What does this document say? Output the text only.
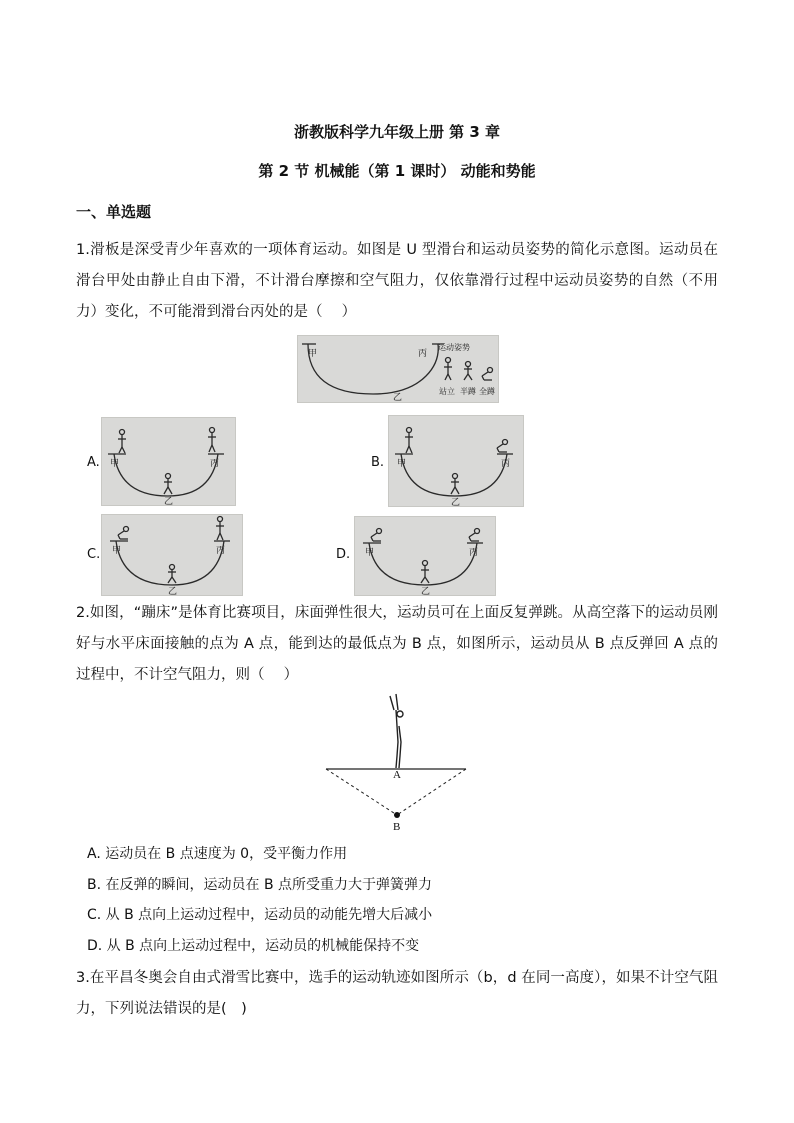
浙教版科学九年级上册 第 3 章
第 2 节 机械能（第 1 课时） 动能和势能
一、单选题
1.滑板是深受青少年喜欢的一项体育运动。如图是 U 型滑台和运动员姿势的简化示意图。运动员在滑台甲处由静止自由下滑，不计滑台摩擦和空气阻力，仅依靠滑行过程中运动员姿势的自然（不用力）变化，不可能滑到滑台丙处的是（　 ）
甲
乙
丙
运动姿势
站立 半蹲 全蹲
A. 甲	丙
乙
B. 甲	丙
乙
C. 甲	丙
乙
D. 甲	丙
乙
2.如图，“蹦床”是体育比赛项目，床面弹性很大，运动员可在上面反复弹跳。从高空落下的运动员刚好与水平床面接触的点为 A 点，能到达的最低点为 B 点，如图所示，运动员从 B 点反弹回 A 点的过程中，不计空气阻力，则（　 ）
A
B
A. 运动员在 B 点速度为 0，受平衡力作用
B. 在反弹的瞬间，运动员在 B 点所受重力大于弹簧弹力
C. 从 B 点向上运动过程中，运动员的动能先增大后减小
D. 从 B 点向上运动过程中，运动员的机械能保持不变
3.在平昌冬奥会自由式滑雪比赛中，选手的运动轨迹如图所示（b，d 在同一高度），如果不计空气阻力，下列说法错误的是(　)
